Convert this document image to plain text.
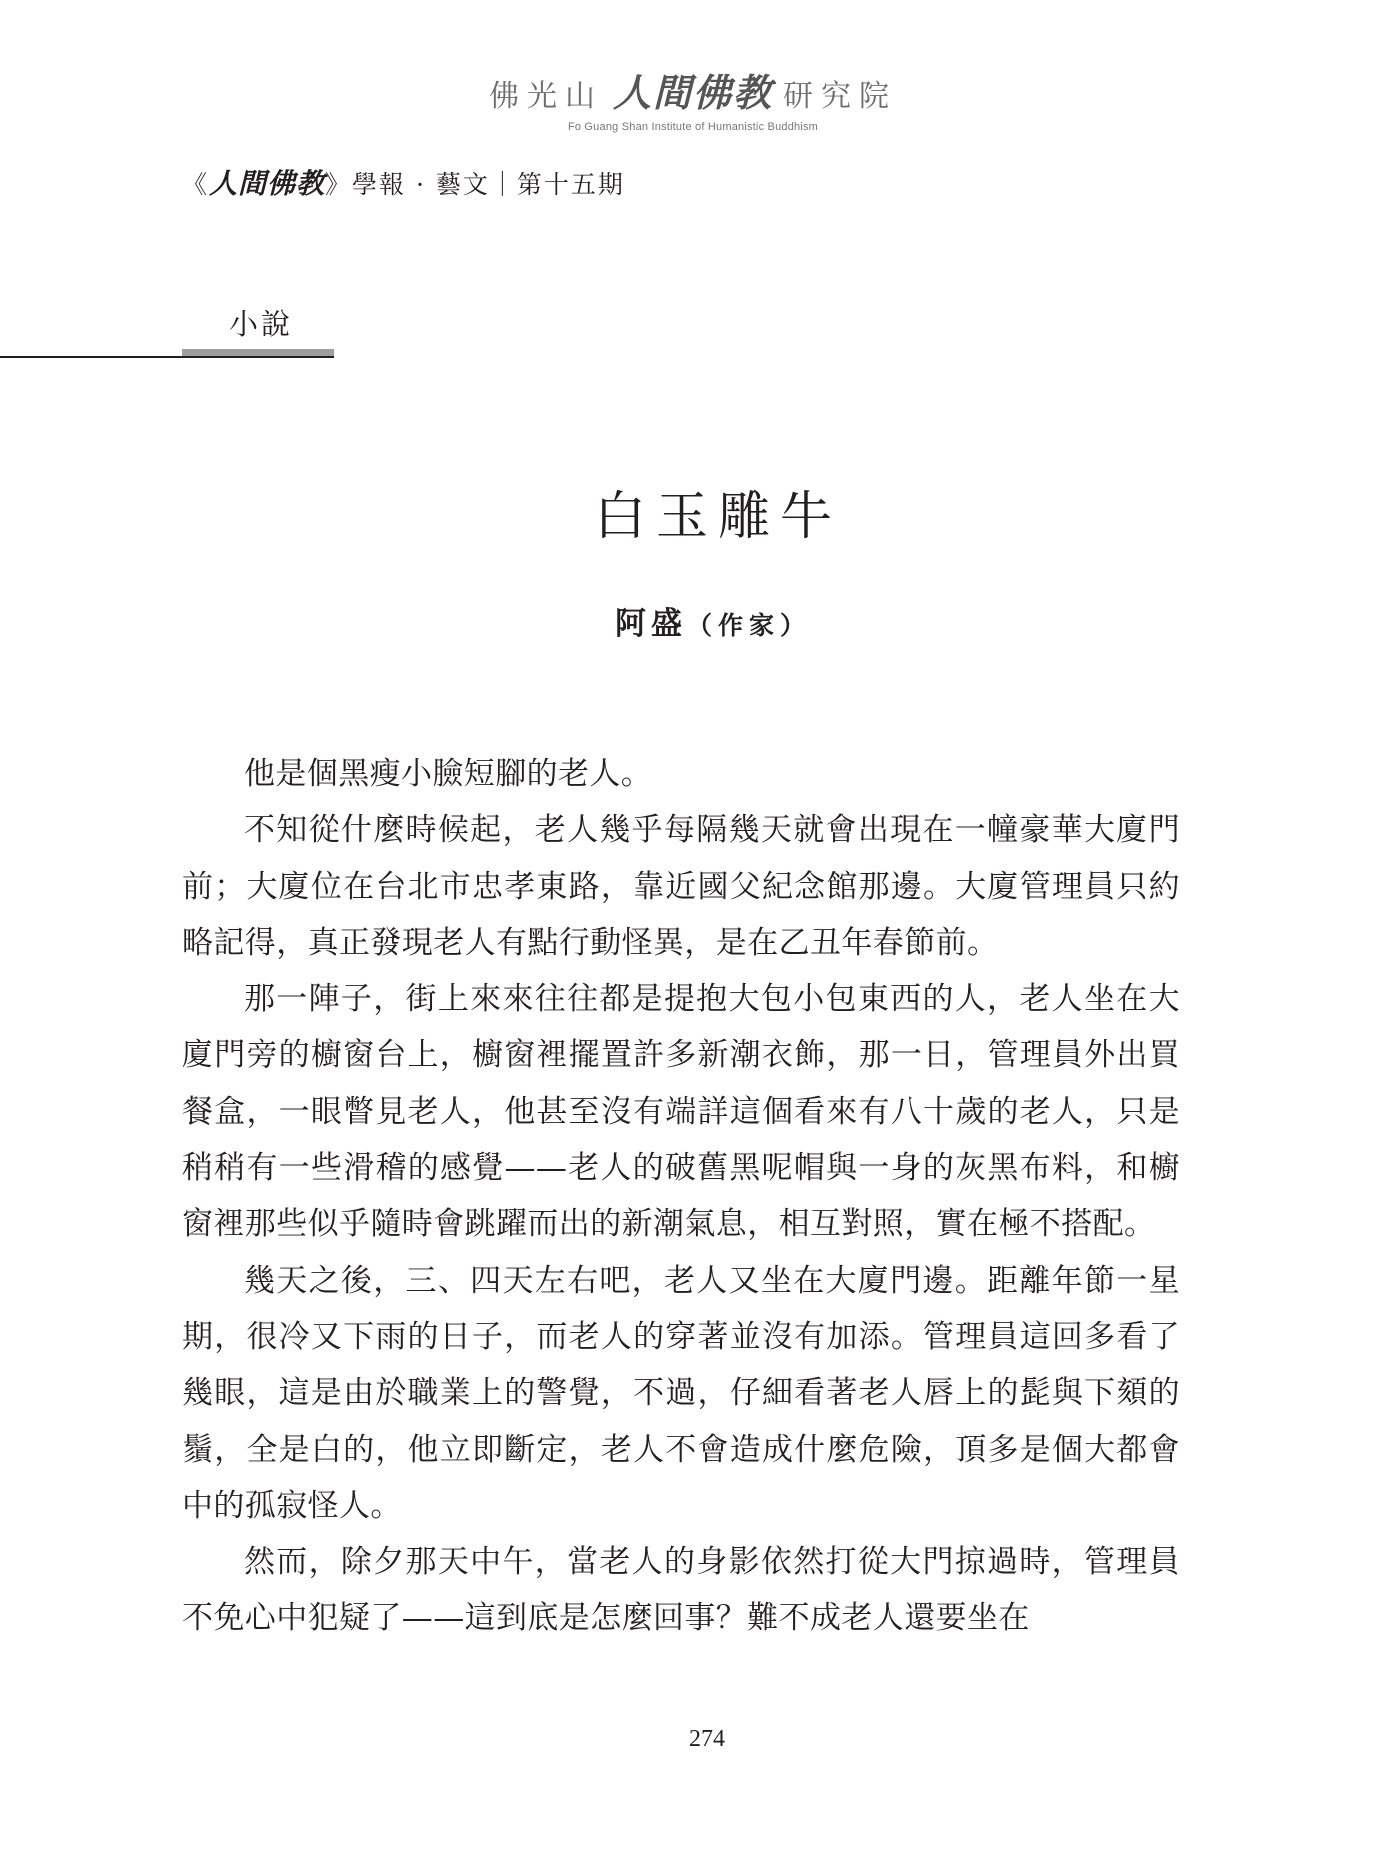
佛光山 人間佛教 研究院
Fo Guang Shan Institute of Humanistic Buddhism
《人間佛教》學報 · 藝文｜第十五期
小說
白玉雕牛
阿盛（作家）

他是個黑瘦小臉短腳的老人。

不知從什麼時候起，老人幾乎每隔幾天就會出現在一幢豪華大廈門前；大廈位在台北市忠孝東路，靠近國父紀念館那邊。大廈管理員只約略記得，真正發現老人有點行動怪異，是在乙丑年春節前。

那一陣子，街上來來往往都是提抱大包小包東西的人，老人坐在大廈門旁的櫥窗台上，櫥窗裡擺置許多新潮衣飾，那一日，管理員外出買餐盒，一眼瞥見老人，他甚至沒有端詳這個看來有八十歲的老人，只是稍稍有一些滑稽的感覺——老人的破舊黑呢帽與一身的灰黑布料，和櫥窗裡那些似乎隨時會跳躍而出的新潮氣息，相互對照，實在極不搭配。

幾天之後，三、四天左右吧，老人又坐在大廈門邊。距離年節一星期，很冷又下雨的日子，而老人的穿著並沒有加添。管理員這回多看了幾眼，這是由於職業上的警覺，不過，仔細看著老人唇上的髭與下頦的鬚，全是白的，他立即斷定，老人不會造成什麼危險，頂多是個大都會中的孤寂怪人。

然而，除夕那天中午，當老人的身影依然打從大門掠過時，管理員不免心中犯疑了——這到底是怎麼回事？難不成老人還要坐在

274
